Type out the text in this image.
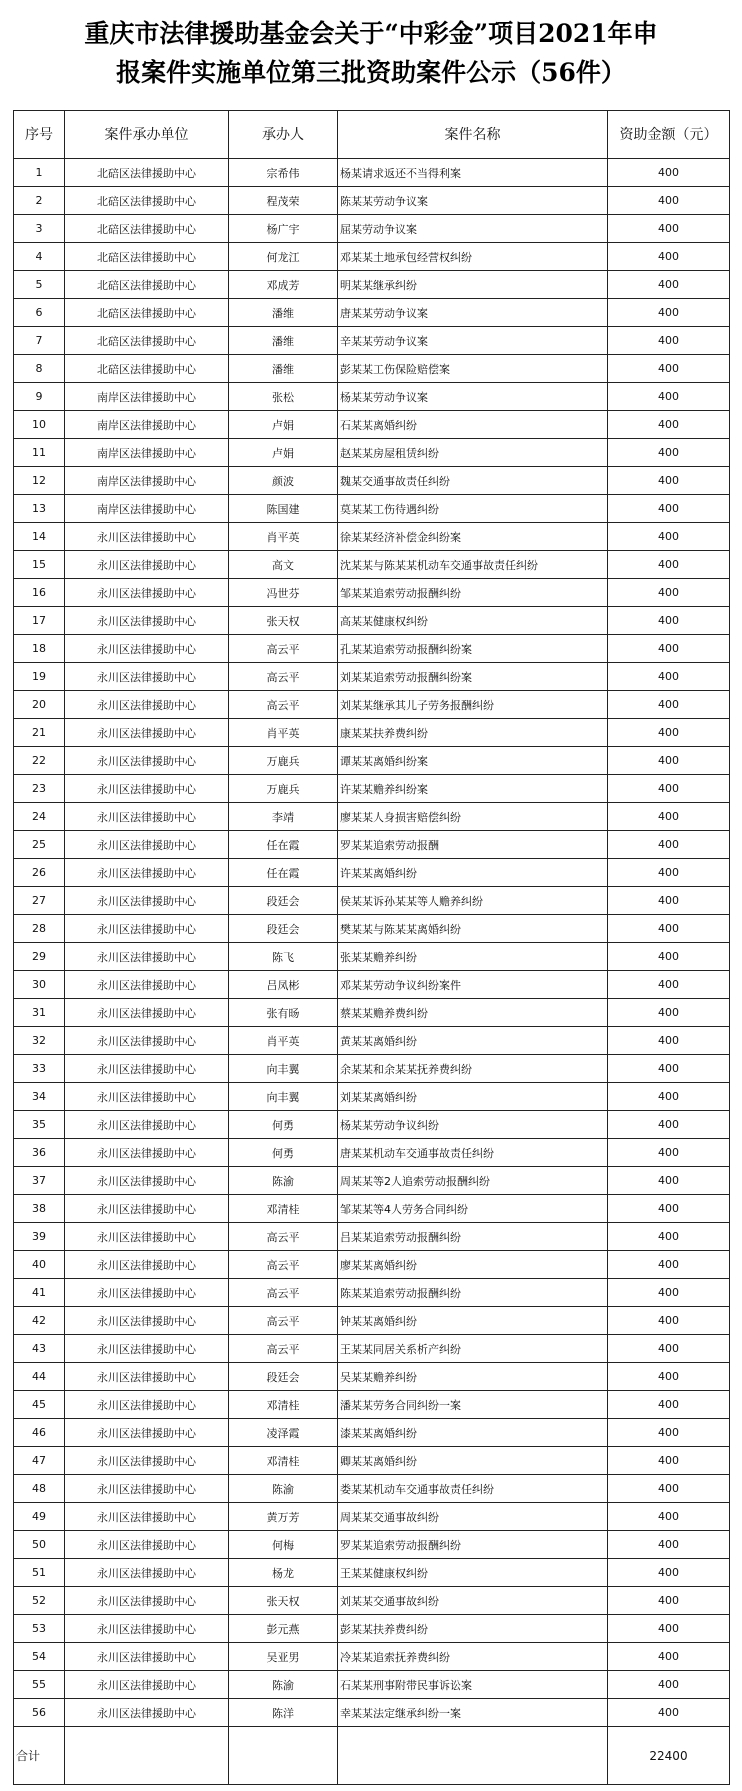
重庆市法律援助基金会关于“中彩金”项目2021年申
报案件实施单位第三批资助案件公示（56件）
序号	案件承办单位	承办人	案件名称	资助金额（元）
1	北碚区法律援助中心	宗希伟	杨某请求返还不当得利案	400
2	北碚区法律援助中心	程茂荣	陈某某劳动争议案	400
3	北碚区法律援助中心	杨广宇	屈某劳动争议案	400
4	北碚区法律援助中心	何龙江	邓某某土地承包经营权纠纷	400
5	北碚区法律援助中心	邓成芳	明某某继承纠纷	400
6	北碚区法律援助中心	潘维	唐某某劳动争议案	400
7	北碚区法律援助中心	潘维	辛某某劳动争议案	400
8	北碚区法律援助中心	潘维	彭某某工伤保险赔偿案	400
9	南岸区法律援助中心	张松	杨某某劳动争议案	400
10	南岸区法律援助中心	卢娟	石某某离婚纠纷	400
11	南岸区法律援助中心	卢娟	赵某某房屋租赁纠纷	400
12	南岸区法律援助中心	颜波	魏某交通事故责任纠纷	400
13	南岸区法律援助中心	陈国建	莫某某工伤待遇纠纷	400
14	永川区法律援助中心	肖平英	徐某某经济补偿金纠纷案	400
15	永川区法律援助中心	高文	沈某某与陈某某机动车交通事故责任纠纷	400
16	永川区法律援助中心	冯世芬	邹某某追索劳动报酬纠纷	400
17	永川区法律援助中心	张天权	高某某健康权纠纷	400
18	永川区法律援助中心	高云平	孔某某追索劳动报酬纠纷案	400
19	永川区法律援助中心	高云平	刘某某追索劳动报酬纠纷案	400
20	永川区法律援助中心	高云平	刘某某继承其儿子劳务报酬纠纷	400
21	永川区法律援助中心	肖平英	康某某扶养费纠纷	400
22	永川区法律援助中心	万鹿兵	谭某某离婚纠纷案	400
23	永川区法律援助中心	万鹿兵	许某某赡养纠纷案	400
24	永川区法律援助中心	李靖	廖某某人身损害赔偿纠纷	400
25	永川区法律援助中心	任在霞	罗某某追索劳动报酬	400
26	永川区法律援助中心	任在霞	许某某离婚纠纷	400
27	永川区法律援助中心	段廷会	侯某某诉孙某某等人赡养纠纷	400
28	永川区法律援助中心	段廷会	樊某某与陈某某离婚纠纷	400
29	永川区法律援助中心	陈飞	张某某赡养纠纷	400
30	永川区法律援助中心	吕凤彬	邓某某劳动争议纠纷案件	400
31	永川区法律援助中心	张有旸	蔡某某赡养费纠纷	400
32	永川区法律援助中心	肖平英	黄某某离婚纠纷	400
33	永川区法律援助中心	向丰翼	余某某和余某某抚养费纠纷	400
34	永川区法律援助中心	向丰翼	刘某某离婚纠纷	400
35	永川区法律援助中心	何勇	杨某某劳动争议纠纷	400
36	永川区法律援助中心	何勇	唐某某机动车交通事故责任纠纷	400
37	永川区法律援助中心	陈渝	周某某等2人追索劳动报酬纠纷	400
38	永川区法律援助中心	邓清桂	邹某某等4人劳务合同纠纷	400
39	永川区法律援助中心	高云平	吕某某追索劳动报酬纠纷	400
40	永川区法律援助中心	高云平	廖某某离婚纠纷	400
41	永川区法律援助中心	高云平	陈某某追索劳动报酬纠纷	400
42	永川区法律援助中心	高云平	钟某某离婚纠纷	400
43	永川区法律援助中心	高云平	王某某同居关系析产纠纷	400
44	永川区法律援助中心	段廷会	吴某某赡养纠纷	400
45	永川区法律援助中心	邓清桂	潘某某劳务合同纠纷一案	400
46	永川区法律援助中心	凌泽霞	漆某某离婚纠纷	400
47	永川区法律援助中心	邓清桂	卿某某离婚纠纷	400
48	永川区法律援助中心	陈渝	娄某某机动车交通事故责任纠纷	400
49	永川区法律援助中心	黄万芳	周某某交通事故纠纷	400
50	永川区法律援助中心	何梅	罗某某追索劳动报酬纠纷	400
51	永川区法律援助中心	杨龙	王某某健康权纠纷	400
52	永川区法律援助中心	张天权	刘某某交通事故纠纷	400
53	永川区法律援助中心	彭元燕	彭某某扶养费纠纷	400
54	永川区法律援助中心	吴亚男	冷某某追索抚养费纠纷	400
55	永川区法律援助中心	陈渝	石某某刑事附带民事诉讼案	400
56	永川区法律援助中心	陈洋	幸某某法定继承纠纷一案	400
合计				22400
